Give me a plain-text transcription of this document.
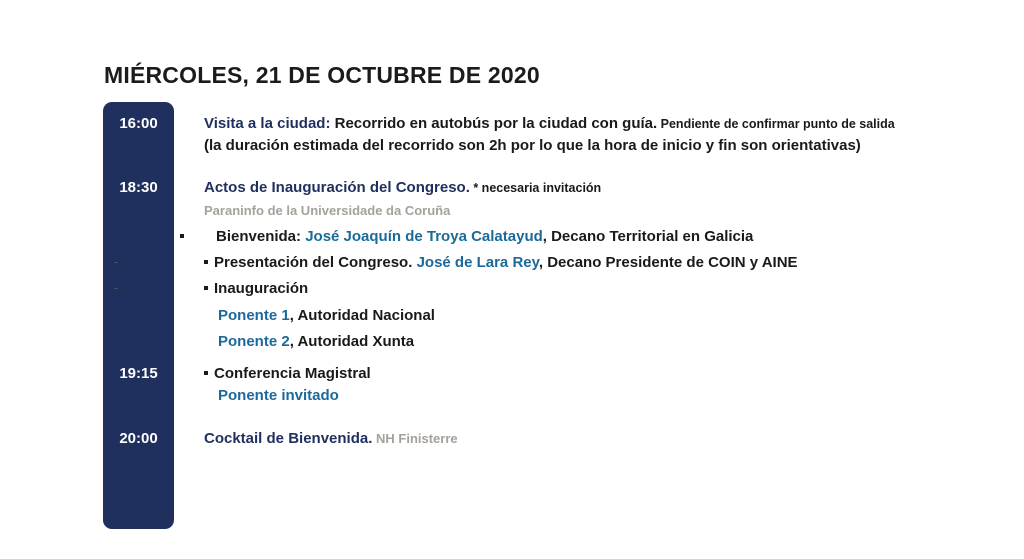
MIÉRCOLES, 21 DE OCTUBRE DE 2020
16:00
18:30
19:15
20:00
-
-
Visita a la ciudad: Recorrido en autobús por la ciudad con guía. Pendiente de confirmar punto de salida
(la duración estimada del recorrido son 2h por lo que la hora de inicio y fin son orientativas)
Actos de Inauguración del Congreso. * necesaria invitación
Paraninfo de la Universidade da Coruña
Bienvenida: José Joaquín de Troya Calatayud, Decano Territorial en Galicia
Presentación del Congreso. José de Lara Rey, Decano Presidente de COIN y AINE
Inauguración
Ponente 1, Autoridad Nacional
Ponente 2, Autoridad Xunta
Conferencia Magistral
Ponente invitado
Cocktail de Bienvenida. NH Finisterre
